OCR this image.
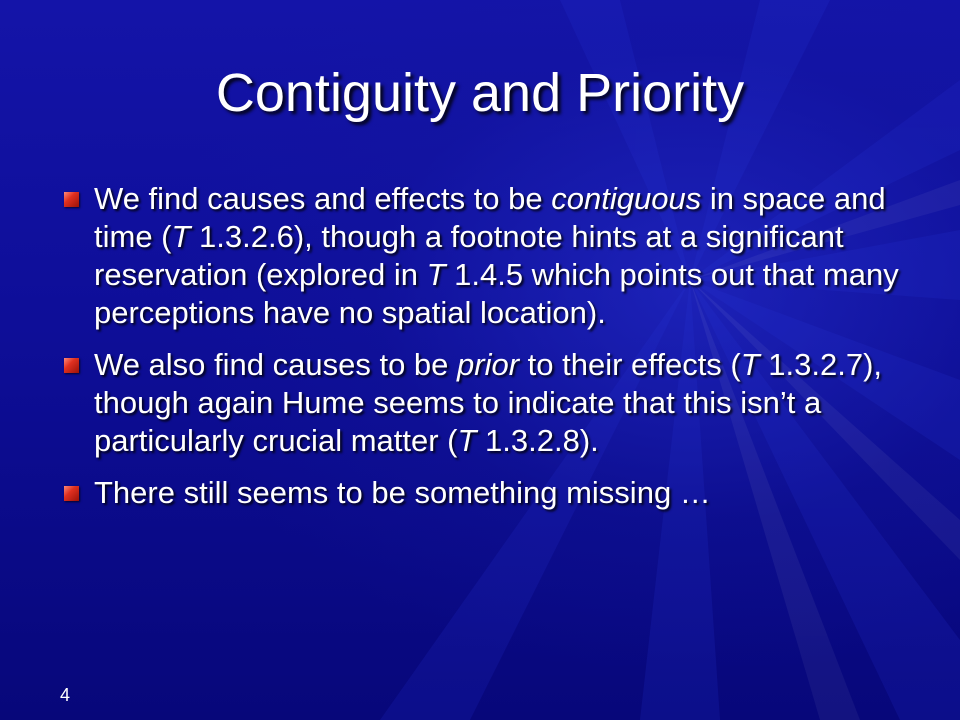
Contiguity and Priority
We find causes and effects to be contiguous in space and time (T 1.3.2.6), though a footnote hints at a significant reservation (explored in T 1.4.5 which points out that many perceptions have no spatial location).
We also find causes to be prior to their effects (T 1.3.2.7), though again Hume seems to indicate that this isn’t a particularly crucial matter (T 1.3.2.8).
There still seems to be something missing …
4
